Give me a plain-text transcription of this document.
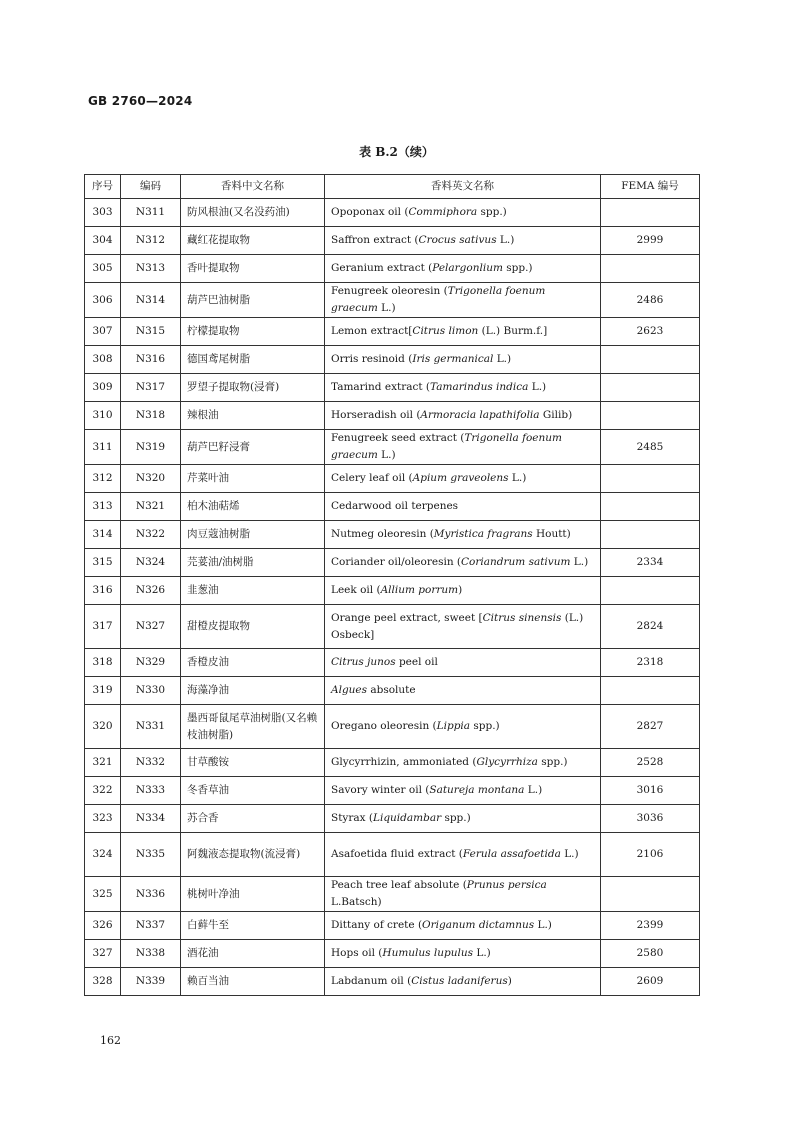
GB 2760—2024
表 B.2（续）
序号	编码	香料中文名称	香料英文名称	FEMA 编号
303	N311	防风根油(又名没药油)	Opoponax oil (Commiphora spp.)	
304	N312	藏红花提取物	Saffron extract (Crocus sativus L.)	2999
305	N313	香叶提取物	Geranium extract (Pelargonlium spp.)	
306	N314	葫芦巴油树脂	Fenugreek oleoresin (Trigonella foenum graecum L.)	2486
307	N315	柠檬提取物	Lemon extract[Citrus limon (L.) Burm.f.]	2623
308	N316	德国鸢尾树脂	Orris resinoid (Iris germanical L.)	
309	N317	罗望子提取物(浸膏)	Tamarind extract (Tamarindus indica L.)	
310	N318	辣根油	Horseradish oil (Armoracia lapathifolia Gilib)	
311	N319	葫芦巴籽浸膏	Fenugreek seed extract (Trigonella foenum graecum L.)	2485
312	N320	芹菜叶油	Celery leaf oil (Apium graveolens L.)	
313	N321	柏木油萜烯	Cedarwood oil terpenes	
314	N322	肉豆蔻油树脂	Nutmeg oleoresin (Myristica fragrans Houtt)	
315	N324	芫荽油/油树脂	Coriander oil/oleoresin (Coriandrum sativum L.)	2334
316	N326	韭葱油	Leek oil (Allium porrum)	
317	N327	甜橙皮提取物	Orange peel extract, sweet [Citrus sinensis (L.) Osbeck]	2824
318	N329	香橙皮油	Citrus junos peel oil	2318
319	N330	海藻净油	Algues absolute	
320	N331	墨西哥鼠尾草油树脂(又名赖枝油树脂)	Oregano oleoresin (Lippia spp.)	2827
321	N332	甘草酸铵	Glycyrrhizin, ammoniated (Glycyrrhiza spp.)	2528
322	N333	冬香草油	Savory winter oil (Satureja montana L.)	3016
323	N334	苏合香	Styrax (Liquidambar spp.)	3036
324	N335	阿魏液态提取物(流浸膏)	Asafoetida fluid extract (Ferula assafoetida L.)	2106
325	N336	桃树叶净油	Peach tree leaf absolute (Prunus persica L.Batsch)	
326	N337	白藓牛至	Dittany of crete (Origanum dictamnus L.)	2399
327	N338	酒花油	Hops oil (Humulus lupulus L.)	2580
328	N339	赖百当油	Labdanum oil (Cistus ladaniferus)	2609
162
